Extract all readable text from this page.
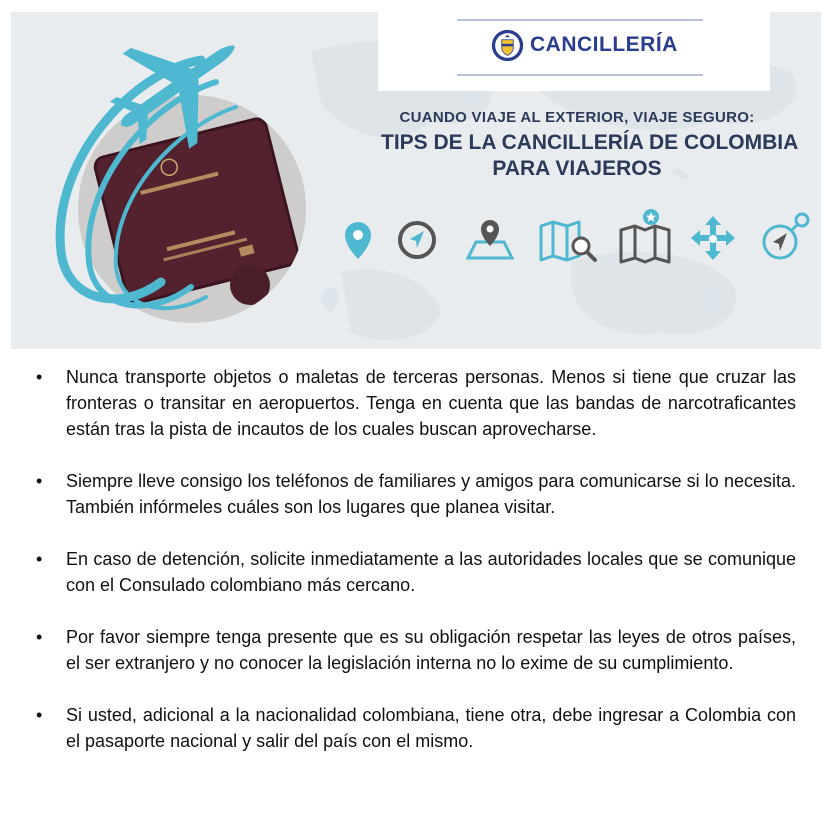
CANCILLERÍA
CUANDO VIAJE AL EXTERIOR, VIAJE SEGURO:
TIPS DE LA CANCILLERÍA DE COLOMBIA
PARA VIAJEROS
• Nunca transporte objetos o maletas de terceras personas. Menos si tiene que cruzar las fronteras o transitar en aeropuertos. Tenga en cuenta que las bandas de narcotraficantes están tras la pista de incautos de los cuales buscan aprovecharse.
• Siempre lleve consigo los teléfonos de familiares y amigos para comunicarse si lo necesita. También infórmeles cuáles son los lugares que planea visitar.
• En caso de detención, solicite inmediatamente a las autoridades locales que se comunique con el Consulado colombiano más cercano.
• Por favor siempre tenga presente que es su obligación respetar las leyes de otros países, el ser extranjero y no conocer la legislación interna no lo exime de su cumplimiento.
• Si usted, adicional a la nacionalidad colombiana, tiene otra, debe ingresar a Colombia con el pasaporte nacional y salir del país con el mismo.
